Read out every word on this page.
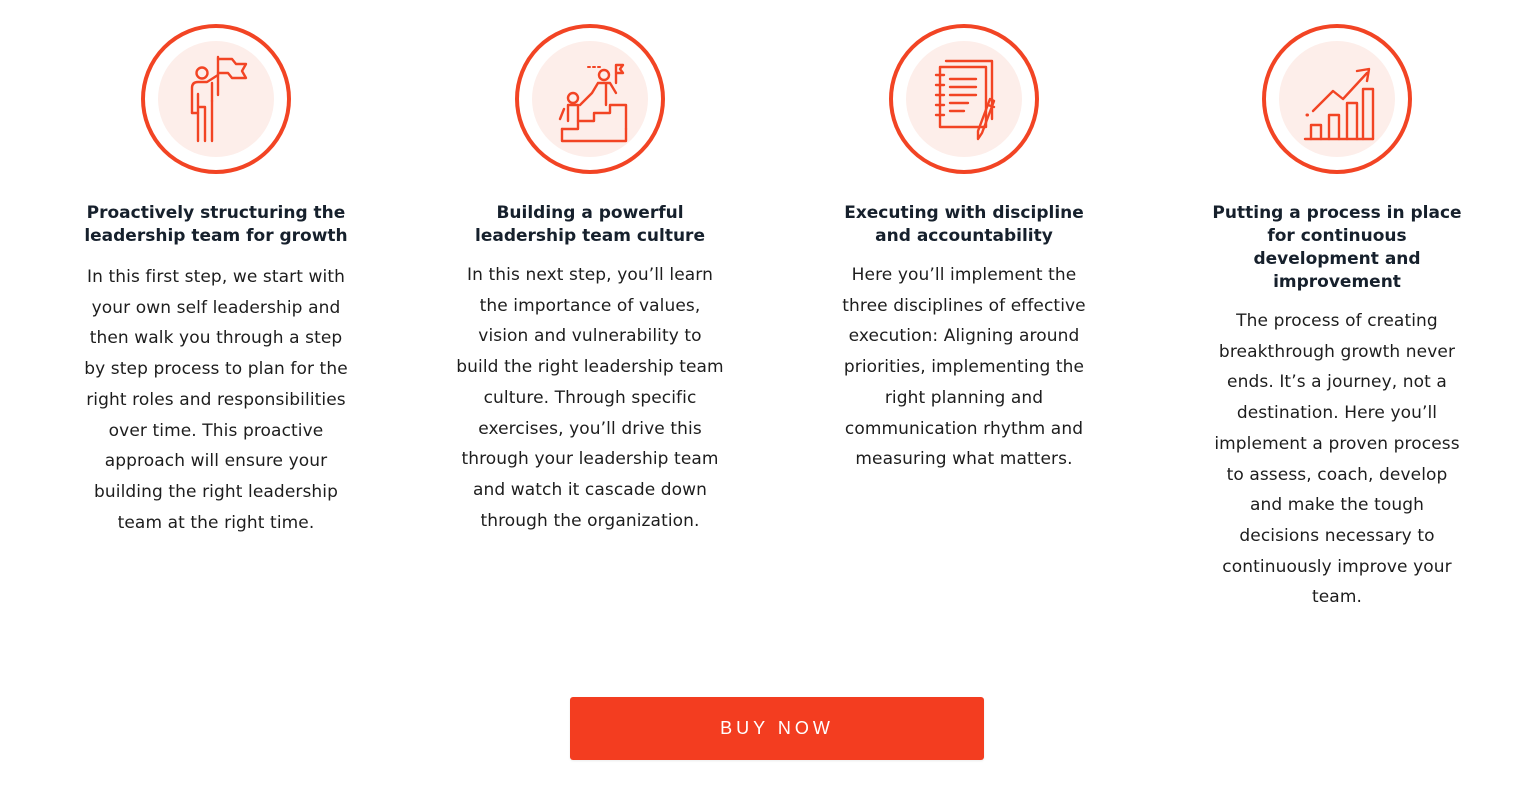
Proactively structuring the leadership team for growth
In this first step, we start with your own self leadership and then walk you through a step by step process to plan for the right roles and responsibilities over time. This proactive approach will ensure your building the right leadership team at the right time.
Building a powerful leadership team culture
In this next step, you’ll learn the importance of values, vision and vulnerability to build the right leadership team culture. Through specific exercises, you’ll drive this through your leadership team and watch it cascade down through the organization.
Executing with discipline and accountability
Here you’ll implement the three disciplines of effective execution: Aligning around priorities, implementing the right planning and communication rhythm and measuring what matters.
Putting a process in place for continuous development and improvement
The process of creating breakthrough growth never ends. It’s a journey, not a destination. Here you’ll implement a proven process to assess, coach, develop and make the tough decisions necessary to continuously improve your team.
BUY NOW
